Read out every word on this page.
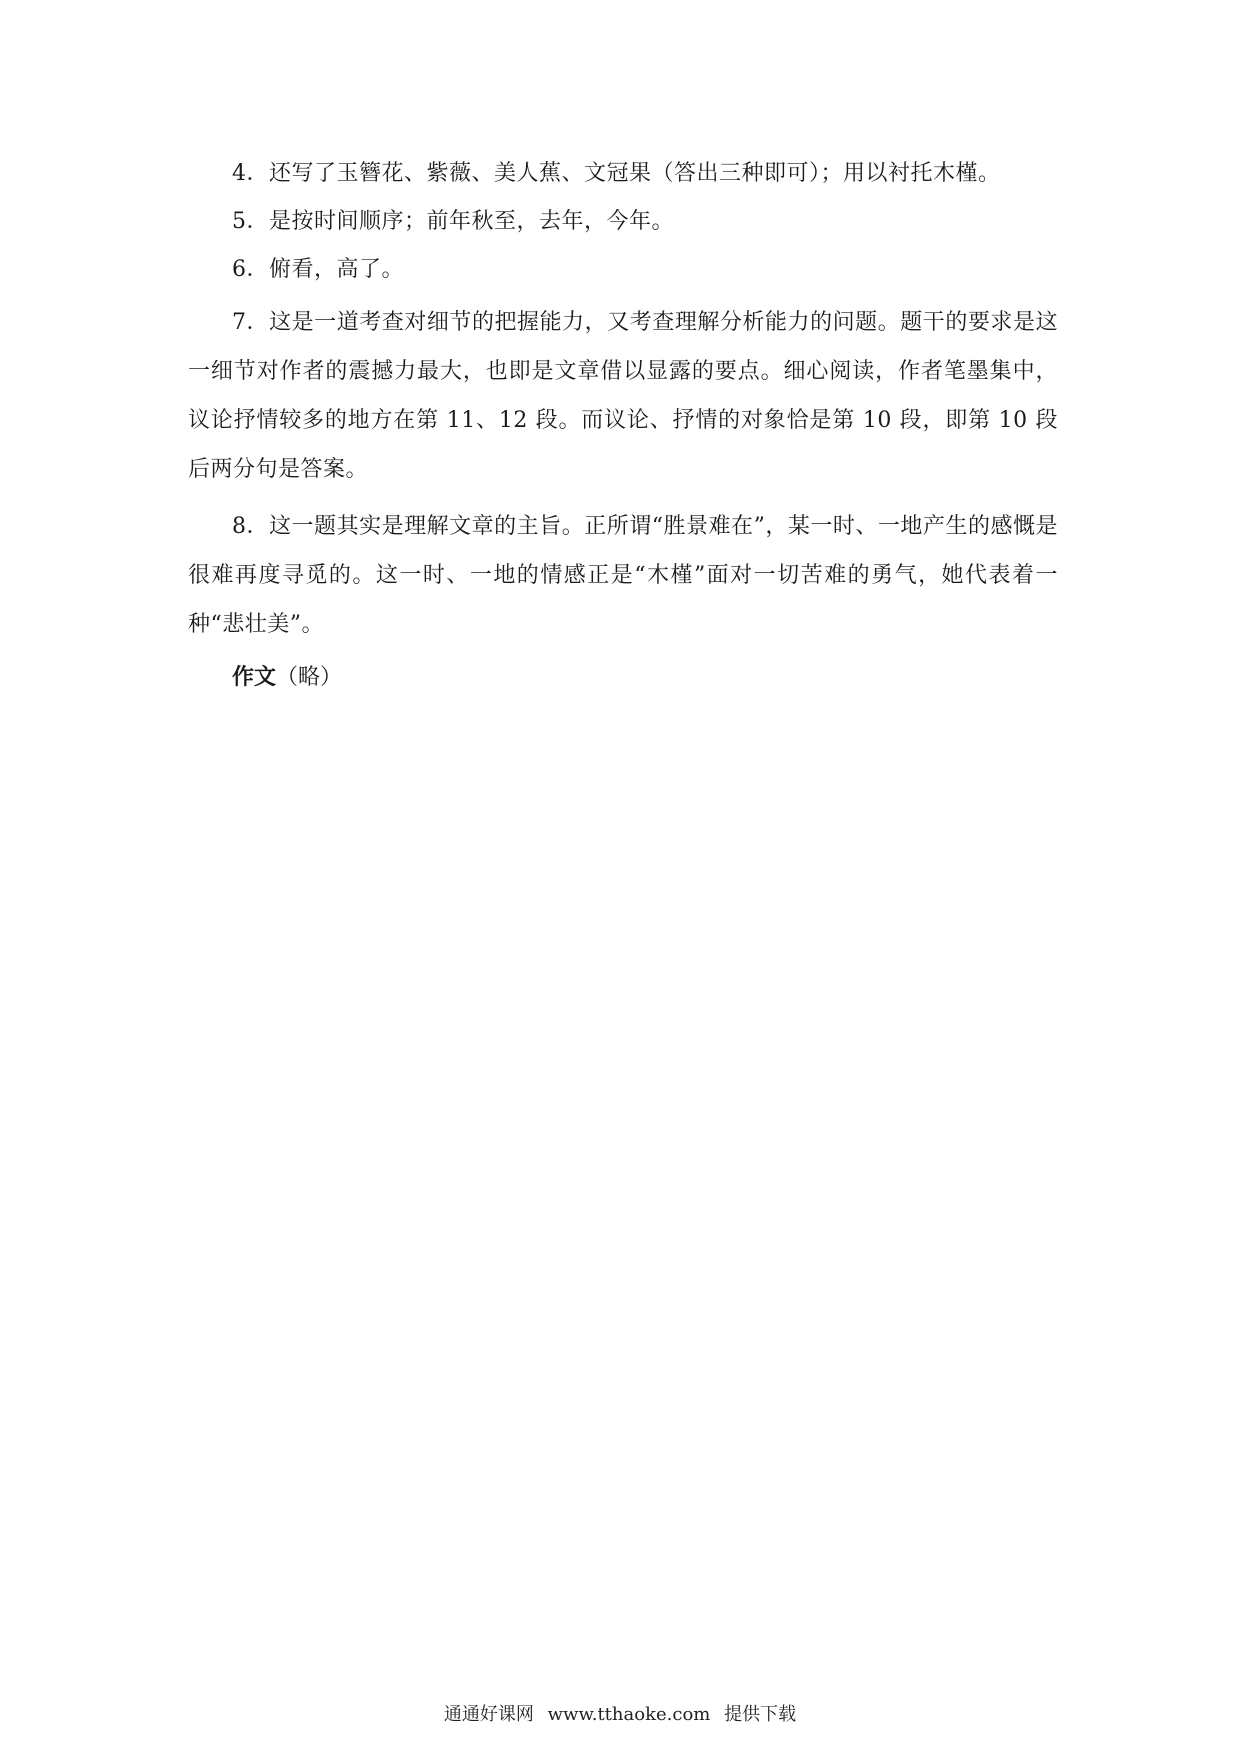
4．还写了玉簪花、紫薇、美人蕉、文冠果（答出三种即可）；用以衬托木槿。

5．是按时间顺序；前年秋至，去年，今年。

6．俯看，高了。

7．这是一道考查对细节的把握能力，又考查理解分析能力的问题。题干的要求是这一细节对作者的震撼力最大，也即是文章借以显露的要点。细心阅读，作者笔墨集中，议论抒情较多的地方在第 11、12 段。而议论、抒情的对象恰是第 10 段，即第 10 段后两分句是答案。

8．这一题其实是理解文章的主旨。正所谓“胜景难在”，某一时、一地产生的感慨是很难再度寻觅的。这一时、一地的情感正是“木槿”面对一切苦难的勇气，她代表着一种“悲壮美”。

作文（略）

通通好课网 www.tthaoke.com 提供下载
